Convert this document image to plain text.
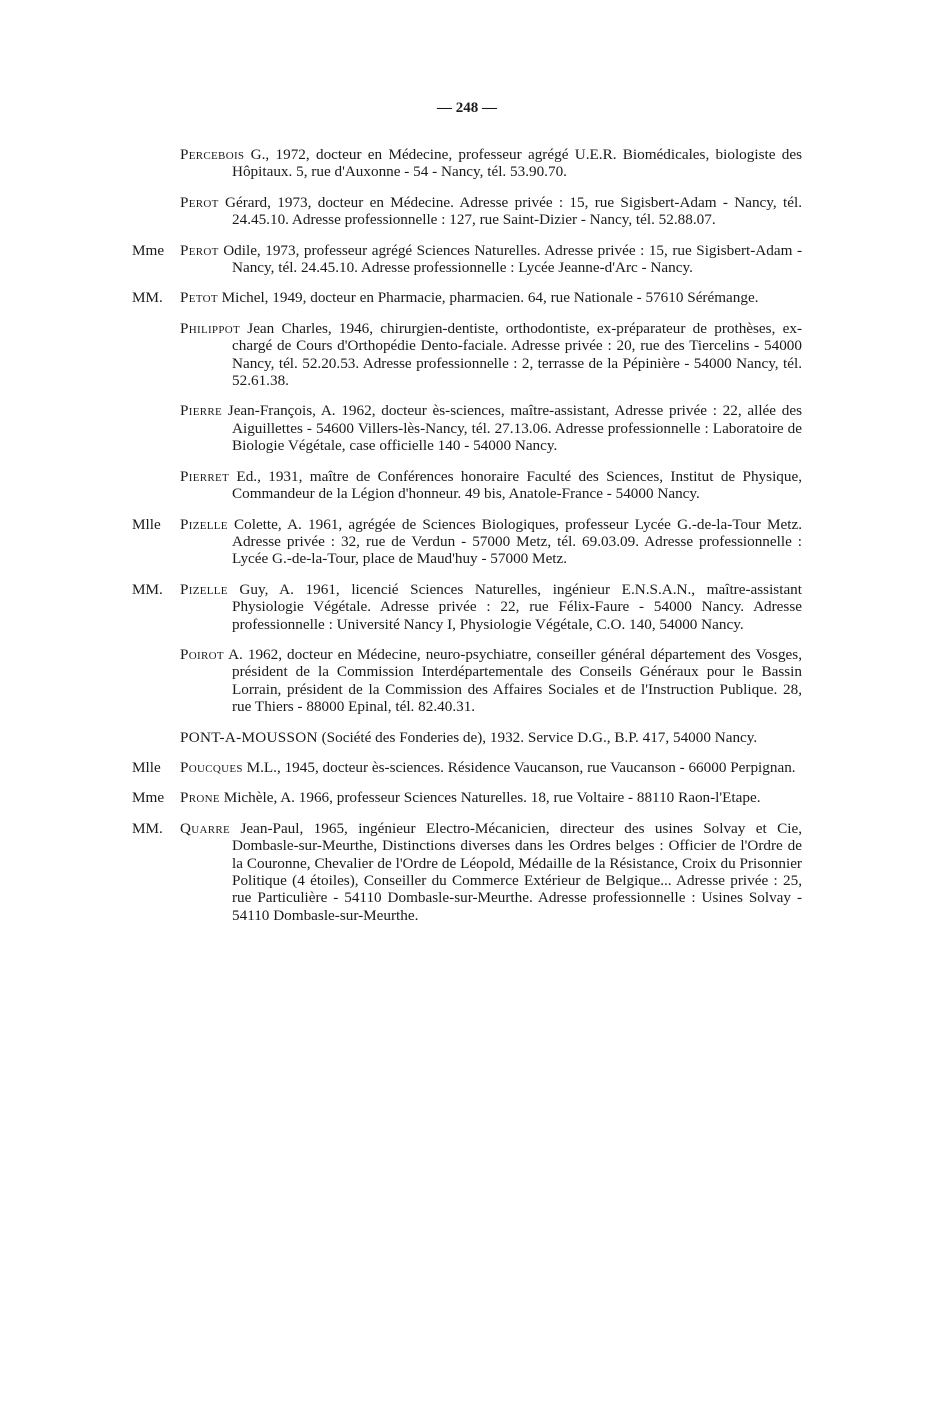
— 248 —
Percebois G., 1972, docteur en Médecine, professeur agrégé U.E.R. Biomédicales, biologiste des Hôpitaux. 5, rue d'Auxonne - 54 - Nancy, tél. 53.90.70.
Perot Gérard, 1973, docteur en Médecine. Adresse privée : 15, rue Sigisbert-Adam - Nancy, tél. 24.45.10. Adresse professionnelle : 127, rue Saint-Dizier - Nancy, tél. 52.88.07.
Mme Perot Odile, 1973, professeur agrégé Sciences Naturelles. Adresse privée : 15, rue Sigisbert-Adam - Nancy, tél. 24.45.10. Adresse professionnelle : Lycée Jeanne-d'Arc - Nancy.
MM. Petot Michel, 1949, docteur en Pharmacie, pharmacien. 64, rue Nationale - 57610 Sérémange.
Philippot Jean Charles, 1946, chirurgien-dentiste, orthodontiste, ex-préparateur de prothèses, ex-chargé de Cours d'Orthopédie Dento-faciale. Adresse privée : 20, rue des Tiercelins - 54000 Nancy, tél. 52.20.53. Adresse professionnelle : 2, terrasse de la Pépinière - 54000 Nancy, tél. 52.61.38.
Pierre Jean-François, A. 1962, docteur ès-sciences, maître-assistant, Adresse privée : 22, allée des Aiguillettes - 54600 Villers-lès-Nancy, tél. 27.13.06. Adresse professionnelle : Laboratoire de Biologie Végétale, case officielle 140 - 54000 Nancy.
Pierret Ed., 1931, maître de Conférences honoraire Faculté des Sciences, Institut de Physique, Commandeur de la Légion d'honneur. 49 bis, Anatole-France - 54000 Nancy.
Mlle Pizelle Colette, A. 1961, agrégée de Sciences Biologiques, professeur Lycée G.-de-la-Tour Metz. Adresse privée : 32, rue de Verdun - 57000 Metz, tél. 69.03.09. Adresse professionnelle : Lycée G.-de-la-Tour, place de Maud'huy - 57000 Metz.
MM. Pizelle Guy, A. 1961, licencié Sciences Naturelles, ingénieur E.N.S.A.N., maître-assistant Physiologie Végétale. Adresse privée : 22, rue Félix-Faure - 54000 Nancy. Adresse professionnelle : Université Nancy I, Physiologie Végétale, C.O. 140, 54000 Nancy.
Poirot A. 1962, docteur en Médecine, neuro-psychiatre, conseiller général département des Vosges, président de la Commission Interdépartementale des Conseils Généraux pour le Bassin Lorrain, président de la Commission des Affaires Sociales et de l'Instruction Publique. 28, rue Thiers - 88000 Epinal, tél. 82.40.31.
PONT-A-MOUSSON (Société des Fonderies de), 1932. Service D.G., B.P. 417, 54000 Nancy.
Mlle Poucques M.L., 1945, docteur ès-sciences. Résidence Vaucanson, rue Vaucanson - 66000 Perpignan.
Mme Prone Michèle, A. 1966, professeur Sciences Naturelles. 18, rue Voltaire - 88110 Raon-l'Etape.
MM. Quarre Jean-Paul, 1965, ingénieur Electro-Mécanicien, directeur des usines Solvay et Cie, Dombasle-sur-Meurthe, Distinctions diverses dans les Ordres belges : Officier de l'Ordre de la Couronne, Chevalier de l'Ordre de Léopold, Médaille de la Résistance, Croix du Prisonnier Politique (4 étoiles), Conseiller du Commerce Extérieur de Belgique... Adresse privée : 25, rue Particulière - 54110 Dombasle-sur-Meurthe. Adresse professionnelle : Usines Solvay - 54110 Dombasle-sur-Meurthe.
